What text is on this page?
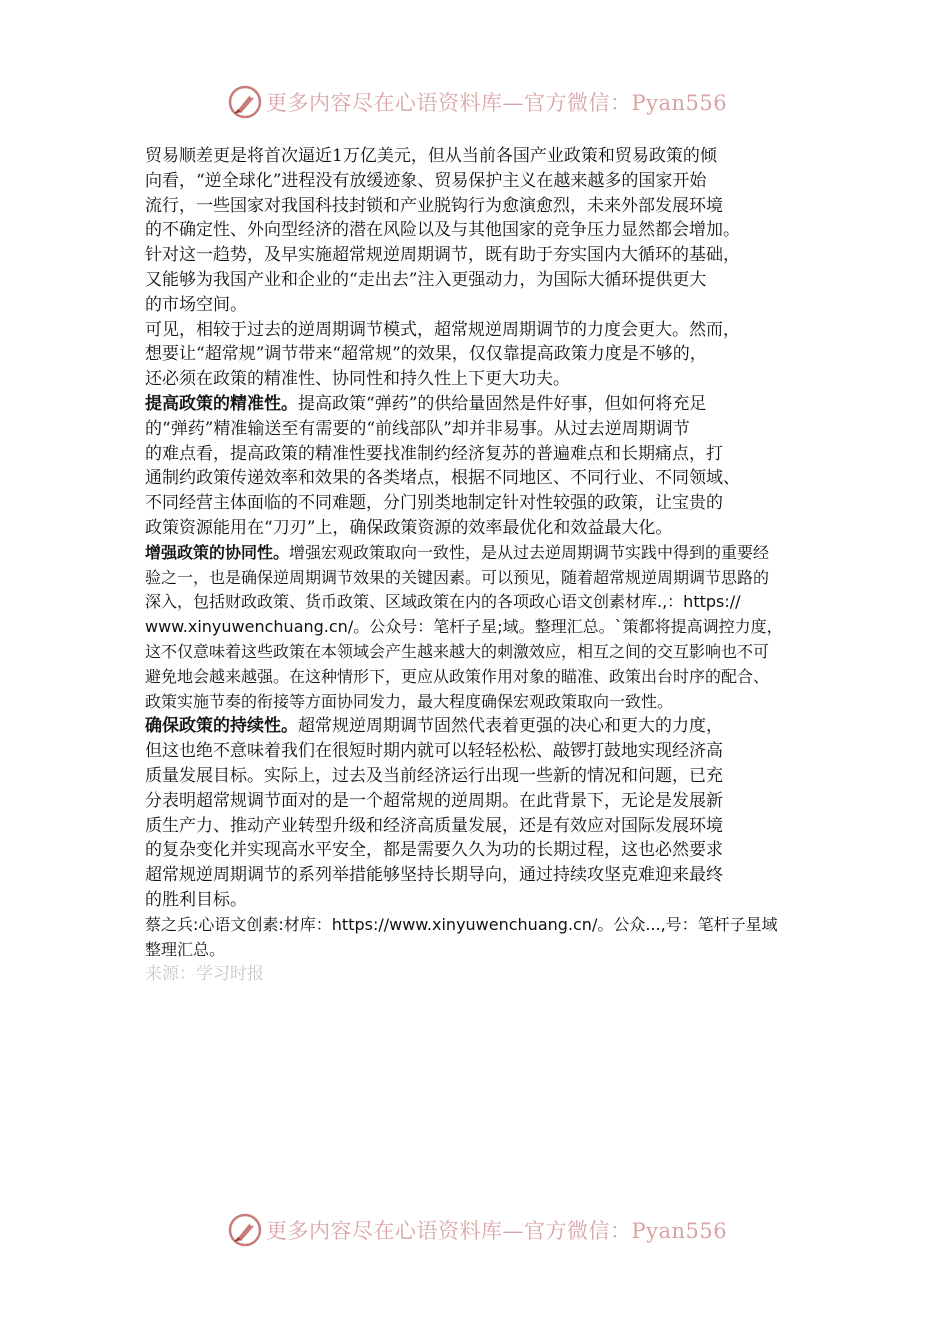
更多内容尽在心语资料库—官方微信：Pyan556

贸易顺差更是将首次逼近1万亿美元，但从当前各国产业政策和贸易政策的倾
向看，“逆全球化”进程没有放缓迹象、贸易保护主义在越来越多的国家开始
流行，一些国家对我国科技封锁和产业脱钩行为愈演愈烈，未来外部发展环境
的不确定性、外向型经济的潜在风险以及与其他国家的竞争压力显然都会增加。
针对这一趋势，及早实施超常规逆周期调节，既有助于夯实国内大循环的基础，
又能够为我国产业和企业的“走出去”注入更强动力，为国际大循环提供更大
的市场空间。

可见，相较于过去的逆周期调节模式，超常规逆周期调节的力度会更大。然而，
想要让“超常规”调节带来“超常规”的效果，仅仅靠提高政策力度是不够的，
还必须在政策的精准性、协同性和持久性上下更大功夫。

提高政策的精准性。提高政策“弹药”的供给量固然是件好事，但如何将充足
的“弹药”精准输送至有需要的“前线部队”却并非易事。从过去逆周期调节
的难点看，提高政策的精准性要找准制约经济复苏的普遍难点和长期痛点，打
通制约政策传递效率和效果的各类堵点，根据不同地区、不同行业、不同领域、
不同经营主体面临的不同难题，分门别类地制定针对性较强的政策，让宝贵的
政策资源能用在“刀刃”上，确保政策资源的效率最优化和效益最大化。

增强政策的协同性。增强宏观政策取向一致性，是从过去逆周期调节实践中得到的重要经
验之一，也是确保逆周期调节效果的关键因素。可以预见，随着超常规逆周期调节思路的
深入，包括财政政策、货币政策、区域政策在内的各项政心语文创素材库.,：https://
www.xinyuwenchuang.cn/。公众号：笔杆子星;域。整理汇总。`策都将提高调控力度，
这不仅意味着这些政策在本领域会产生越来越大的刺激效应，相互之间的交互影响也不可
避免地会越来越强。在这种情形下，更应从政策作用对象的瞄准、政策出台时序的配合、
政策实施节奏的衔接等方面协同发力，最大程度确保宏观政策取向一致性。

确保政策的持续性。超常规逆周期调节固然代表着更强的决心和更大的力度，
但这也绝不意味着我们在很短时期内就可以轻轻松松、敲锣打鼓地实现经济高
质量发展目标。实际上，过去及当前经济运行出现一些新的情况和问题，已充
分表明超常规调节面对的是一个超常规的逆周期。在此背景下，无论是发展新
质生产力、推动产业转型升级和经济高质量发展，还是有效应对国际发展环境
的复杂变化并实现高水平安全，都是需要久久为功的长期过程，这也必然要求
超常规逆周期调节的系列举措能够坚持长期导向，通过持续攻坚克难迎来最终
的胜利目标。

蔡之兵:心语文创素:材库：https://www.xinyuwenchuang.cn/。公众...,号：笔杆子星域
整理汇总。

来源：学习时报

更多内容尽在心语资料库—官方微信：Pyan556
